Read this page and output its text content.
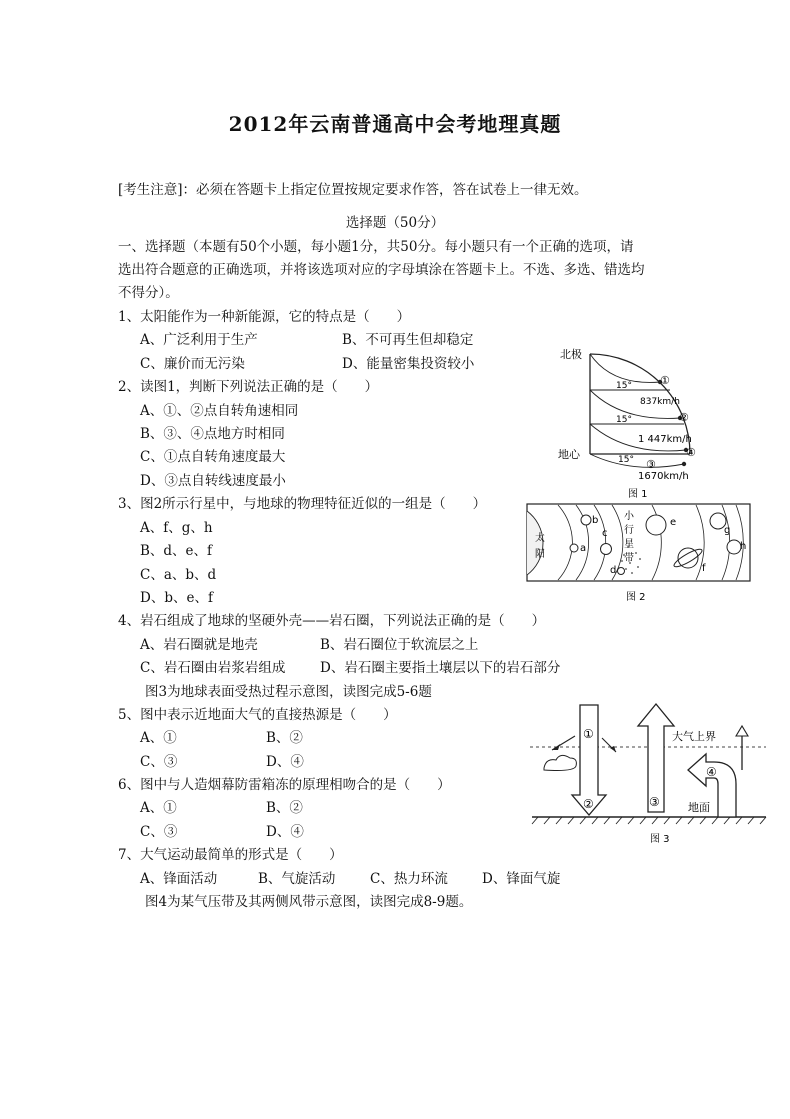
2012年云南普通高中会考地理真题
[考生注意]：必须在答题卡上指定位置按规定要求作答，答在试卷上一律无效。
选择题（50分）
一、选择题（本题有50个小题，每小题1分，共50分。每小题只有一个正确的选项，请
选出符合题意的正确选项，并将该选项对应的字母填涂在答题卡上。不选、多选、错选均
不得分）。
1、太阳能作为一种新能源，它的特点是（　　）
A、广泛利用于生产	B、不可再生但却稳定
C、廉价而无污染	D、能量密集投资较小
2、读图1，判断下列说法正确的是（　　）
A、①、②点自转角速相同
B、③、④点地方时相同
C、①点自转角速度最大
D、③点自转线速度最小
3、图2所示行星中，与地球的物理特征近似的一组是（　　）
A、f、g、h
B、d、e、f
C、a、b、d
D、b、e、f
4、岩石组成了地球的坚硬外壳——岩石圈，下列说法正确的是（　　）
A、岩石圈就是地壳	B、岩石圈位于软流层之上
C、岩石圈由岩浆岩组成	D、岩石圈主要指土壤层以下的岩石部分
图3为地球表面受热过程示意图，读图完成5-6题
5、图中表示近地面大气的直接热源是（　　）
A、①	B、②
C、③	D、④
6、图中与人造烟幕防雷箱冻的原理相吻合的是（　　）
A、①	B、②
C、③	D、④
7、大气运动最简单的形式是（　　）
A、锋面活动	B、气旋活动	C、热力环流	D、锋面气旋
图4为某气压带及其两侧风带示意图，读图完成8-9题。
北极
地心
15°
15°
15°
①
②
③
④
837km/h
1 447km/h
1670km/h
图 1
太
阳
小
行
星
带
a
b
c
d
e
f
g
h
图 2
①
②	③
④
大气上界
地面
图 3
